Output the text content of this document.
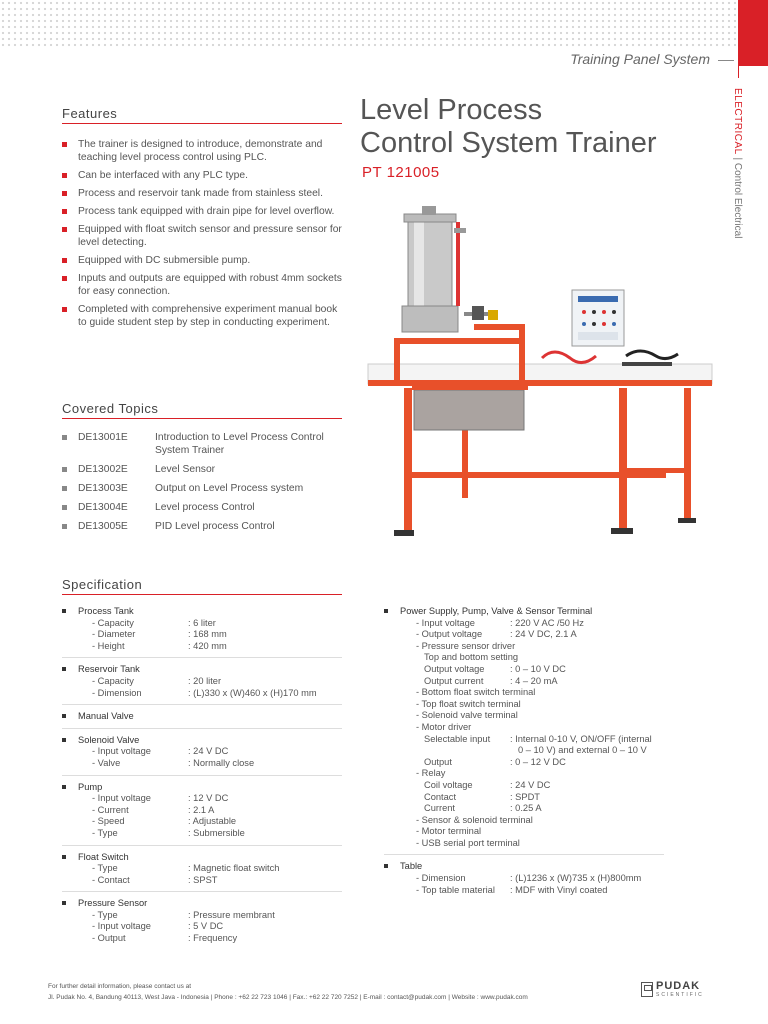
Training Panel System
ELECTRICAL | Control Electrical
Features
The trainer is designed to introduce, demonstrate and teaching level process control using PLC.
Can be interfaced with any PLC type.
Process and reservoir tank made from stainless steel.
Process tank equipped with drain pipe for level overflow.
Equipped with float switch sensor and pressure sensor for level detecting.
Equipped with DC submersible pump.
Inputs and outputs are equipped with robust 4mm sockets for easy connection.
Completed with comprehensive experiment manual book to guide student step by step in conducting experiment.
Covered Topics
DE13001E	Introduction to Level Process Control System Trainer
DE13002E	Level Sensor
DE13003E	Output on Level Process system
DE13004E	Level process Control
DE13005E	PID Level process Control
Level Process
Control System Trainer
PT 121005
Specification
Process Tank
- Capacity	: 6 liter
- Diameter	: 168 mm
- Height	: 420 mm
Reservoir Tank
- Capacity	: 20 liter
- Dimension	: (L)330 x (W)460 x (H)170 mm
Manual Valve
Solenoid Valve
- Input voltage	: 24 V DC
- Valve	: Normally close
Pump
- Input voltage	: 12 V DC
- Current	: 2.1 A
- Speed	: Adjustable
- Type	: Submersible
Float Switch
- Type	: Magnetic float switch
- Contact	: SPST
Pressure Sensor
- Type	: Pressure membrant
- Input voltage	: 5 V DC
- Output	: Frequency
Power Supply, Pump, Valve & Sensor Terminal
- Input voltage	: 220 V AC /50 Hz
- Output voltage	: 24 V DC, 2.1 A
- Pressure sensor driver
Top and bottom setting
Output voltage	: 0 – 10 V DC
Output current	: 4 – 20 mA
- Bottom float switch terminal
- Top float switch terminal
- Solenoid valve terminal
- Motor driver
Selectable input	: Internal 0-10 V, ON/OFF (internal
0 – 10 V) and external 0 – 10 V
Output	: 0 – 12 V DC
- Relay
Coil voltage	: 24 V DC
Contact	: SPDT
Current	: 0.25 A
- Sensor & solenoid terminal
- Motor terminal
- USB serial port terminal
Table
- Dimension	: (L)1236 x (W)735 x (H)800mm
- Top table material	: MDF with Vinyl coated
For further detail information, please contact us at
Jl. Pudak No. 4, Bandung 40113, West Java - Indonesia | Phone : +62 22 723 1046 | Fax.: +62 22 720 7252 | E-mail : contact@pudak.com | Website : www.pudak.com
PUDAK
SCIENTIFIC
